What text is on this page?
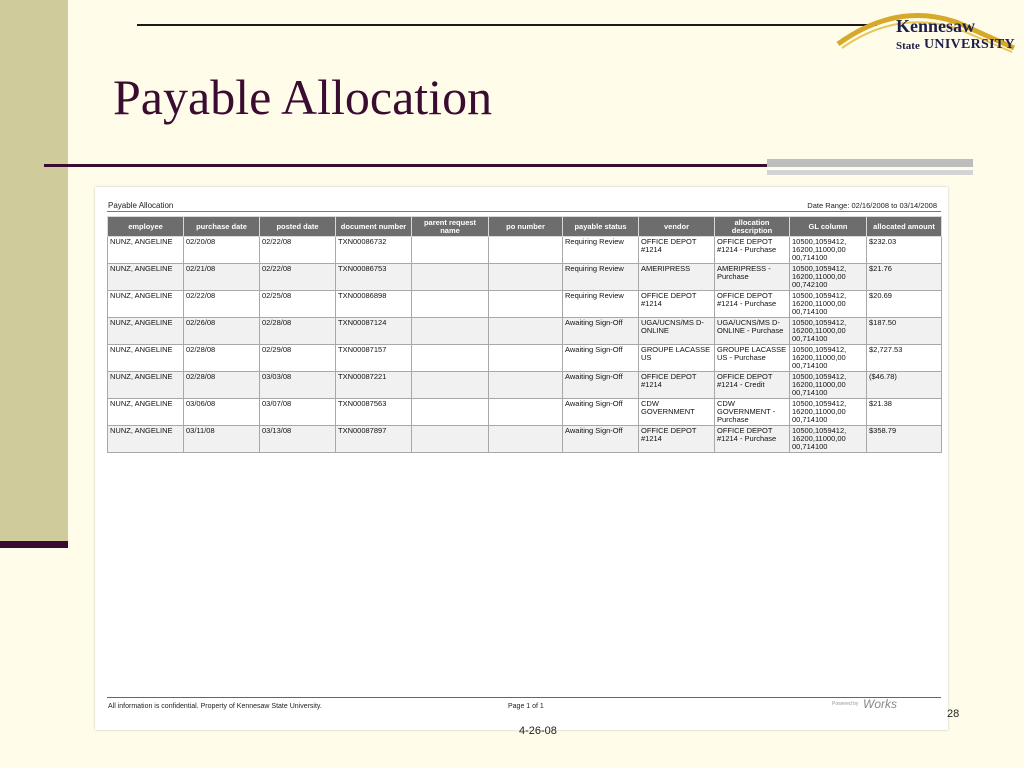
Kennesaw
State UNIVERSITY
Payable Allocation
Payable Allocation	Date Range: 02/16/2008 to 03/14/2008
employee	purchase date	posted date	document number	parent request name	po number	payable status	vendor	allocation description	GL column	allocated amount
NUNZ, ANGELINE	02/20/08	02/22/08	TXN00086732			Requiring Review	OFFICE DEPOT #1214	OFFICE DEPOT #1214 - Purchase	10500,1059412, 16200,11000,00 00,714100	$232.03
NUNZ, ANGELINE	02/21/08	02/22/08	TXN00086753			Requiring Review	AMERIPRESS	AMERIPRESS - Purchase	10500,1059412, 16200,11000,00 00,742100	$21.76
NUNZ, ANGELINE	02/22/08	02/25/08	TXN00086898			Requiring Review	OFFICE DEPOT #1214	OFFICE DEPOT #1214 - Purchase	10500,1059412, 16200,11000,00 00,714100	$20.69
NUNZ, ANGELINE	02/26/08	02/28/08	TXN00087124			Awaiting Sign-Off	UGA/UCNS/MS D-ONLINE	UGA/UCNS/MS D-ONLINE - Purchase	10500,1059412, 16200,11000,00 00,714100	$187.50
NUNZ, ANGELINE	02/28/08	02/29/08	TXN00087157			Awaiting Sign-Off	GROUPE LACASSE US	GROUPE LACASSE US - Purchase	10500,1059412, 16200,11000,00 00,714100	$2,727.53
NUNZ, ANGELINE	02/28/08	03/03/08	TXN00087221			Awaiting Sign-Off	OFFICE DEPOT #1214	OFFICE DEPOT #1214 - Credit	10500,1059412, 16200,11000,00 00,714100	($46.78)
NUNZ, ANGELINE	03/06/08	03/07/08	TXN00087563			Awaiting Sign-Off	CDW GOVERNMENT	CDW GOVERNMENT - Purchase	10500,1059412, 16200,11000,00 00,714100	$21.38
NUNZ, ANGELINE	03/11/08	03/13/08	TXN00087897			Awaiting Sign-Off	OFFICE DEPOT #1214	OFFICE DEPOT #1214 - Purchase	10500,1059412, 16200,11000,00 00,714100	$358.79
All information is confidential. Property of Kennesaw State University.	Page 1 of 1	Powered by Works
4-26-08
28
